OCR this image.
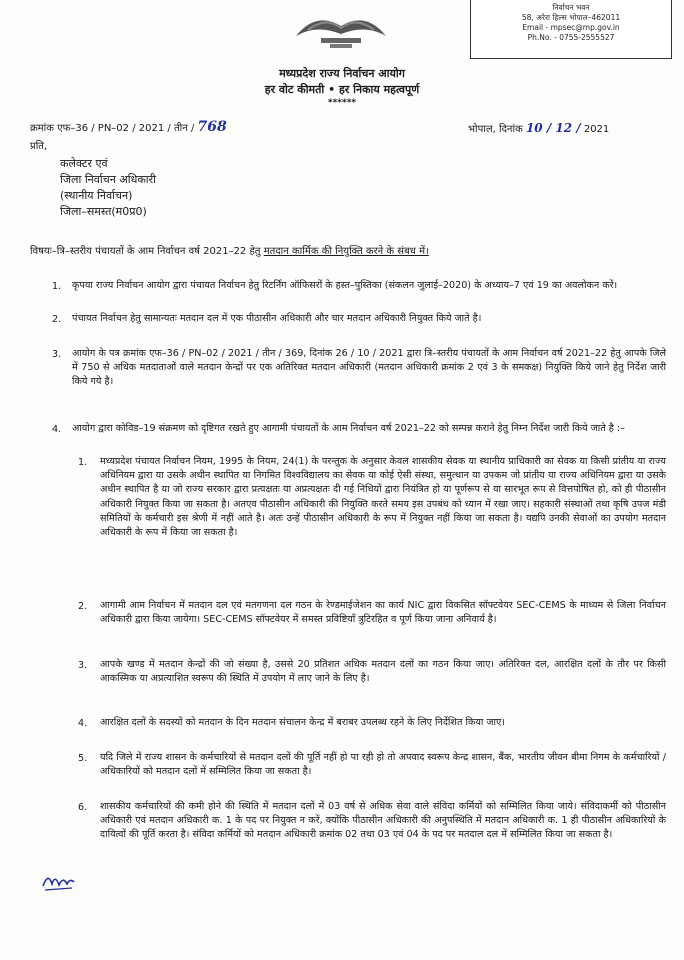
निर्वाचन भवन
58, अरेरा हिल्स भोपाल–462011
Email - mpsec@mp.gov.in
Ph.No. - 0755-2555527
मध्यप्रदेश राज्य निर्वाचन आयोग
हर वोट कीमती • हर निकाय महत्वपूर्ण
******
क्रमांक एफ–36 / PN–02 / 2021 / तीन / 768	भोपाल, दिनांक 10 / 12 / 2021
प्रति,
कलेक्टर एवं
जिला निर्वाचन अधिकारी
(स्थानीय निर्वाचन)
जिला–समस्त(म0प्र0)
विषयः–त्रि–स्तरीय पंचायतों के आम निर्वाचन वर्ष 2021–22 हेतु मतदान कार्मिक की नियुक्ति करने के संबध में।
1. कृपया राज्य निर्वाचन आयोग द्वारा पंचायत निर्वाचन हेतु रिटर्निंग ऑफिसरों के हस्त–पुस्तिका (संकलन जुलाई–2020) के अध्याय–7 एवं 19 का अवलोकन करें।
2. पंचायत निर्वाचन हेतु सामान्यतः मतदान दल में एक पीठासीन अधिकारी और चार मतदान अधिकारी नियुक्त किये जाते है।
3. आयोग के पत्र क्रमांक एफ–36 / PN–02 / 2021 / तीन / 369, दिनांक 26 / 10 / 2021 द्वारा त्रि–स्तरीय पंचायतों के आम निर्वाचन वर्ष 2021–22 हेतु आपके जिले में 750 से अधिक मतदाताओं वाले मतदान केन्द्रों पर एक अतिरिक्त मतदान अधिकारी (मतदान अधिकारी क्रमांक 2 एवं 3 के समकक्ष) नियुक्ति किये जाने हेतु निर्देश जारी किये गये है।
4. आयोग द्वारा कोविड–19 संक्रमण को दृष्टिगत रखते हुए आगामी पंचायतों के आम निर्वाचन वर्ष 2021–22 को सम्पन्न कराने हेतु निम्न निर्देश जारी किये जाते है :–
1. मध्यप्रदेश पंचायत निर्वाचन नियम, 1995 के नियम, 24(1) के परन्तुक के अनुसार केवल शासकीय सेवक या स्थानीय प्राधिकारी का सेवक या किसी प्रांतीय या राज्य अधिनियम द्वारा या उसके अधीन स्थापित या निगमित विश्वविद्यालय का सेवक या कोई ऐसी संस्था, समुत्थान या उपकम जो प्रांतीय या राज्य अधिनियम द्वारा या उसके अधीन स्थापित है या जो राज्य सरकार द्वारा प्रत्यक्षतः या अप्रत्यक्षतः दी गई निधियों द्वारा नियंत्रित हो या पूर्णरूप से या सारभूत रूप से वित्तपोषित हो, को ही पीठासीन अधिकारी नियुक्त किया जा सकता है। अतएव पीठासीन अधिकारी की नियुक्ति करते समय इस उपबंध को ध्यान में रखा जाए। सहकारी संस्थाओं तथा कृषि उपज मंडी समितियों के कर्मचारी इस श्रेणी में नहीं आते है। अतः उन्हें पीठासीन अधिकारी के रूप में नियुक्त नहीं किया जा सकता है। यद्यपि उनकी सेवाओं का उपयोग मतदान अधिकारी के रूप में किया जा सकता है।
2. आगामी आम निर्वाचन में मतदान दल एवं मतगणना दल गठन के रेण्डमाईजेशन का कार्य NIC द्वारा विकसित सॉफ्टवेयर SEC-CEMS के माध्यम से जिला निर्वाचन अधिकारी द्वारा किया जायेगा। SEC-CEMS सॉफ्टवेयर में समस्त प्रविष्टियाँ त्रुटिरहित व पूर्ण किया जाना अनिवार्य है।
3. आपके खण्ड में मतदान केन्द्रों की जो संख्या है, उससे 20 प्रतिशत अधिक मतदान दलों का गठन किया जाए। अतिरिक्त दल, आरक्षित दलों के तौर पर किसी आकस्मिक या अप्रत्याशित स्वरूप की स्थिति में उपयोग में लाए जाने के लिए है।
4. आरक्षित दलों के सदस्यों को मतदान के दिन मतदान संचालन केन्द्र में बराबर उपलब्ध रहने के लिए निर्देशित किया जाए।
5. यदि जिले में राज्य शासन के कर्मचारियों से मतदान दलों की पूर्ति नहीं हो पा रही हो तो अपवाद स्वरूप केन्द्र शासन, बैंक, भारतीय जीवन बीमा निगम के कर्मचारियों / अधिकारियों को मतदान दलों में सम्मिलित किया जा सकता है।
6. शासकीय कर्मचारियों की कमी होने की स्थिति में मतदान दलों में 03 वर्ष से अधिक सेवा वाले संविदा कर्मियों को सम्मिलित किया जाये। संविदाकर्मी को पीठासीन अधिकारी एवं मतदान अधिकारी क. 1 के पद पर नियुक्त न करें, क्योंकि पीठासीन अधिकारी की अनुपस्थिति में मतदान अधिकारी क. 1 ही पीठासीन अधिकारियों के दायित्वों की पूर्ति करता है। संविदा कर्मियों को मतदान अधिकारी क्रमांक 02 तथा 03 एवं 04 के पद पर मतदाल दल में सम्मिलित किया जा सकता है।
